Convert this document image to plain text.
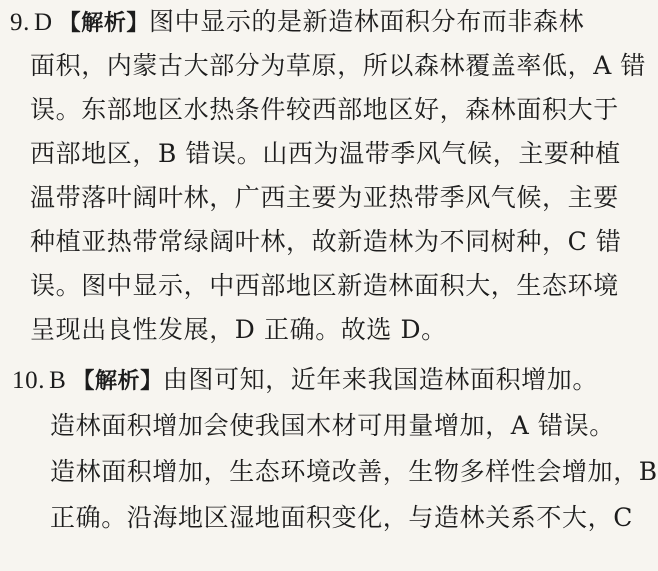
9. D 【解析】图中显示的是新造林面积分布而非森林
面积，内蒙古大部分为草原，所以森林覆盖率低，A 错
误。东部地区水热条件较西部地区好，森林面积大于
西部地区，B 错误。山西为温带季风气候，主要种植
温带落叶阔叶林，广西主要为亚热带季风气候，主要
种植亚热带常绿阔叶林，故新造林为不同树种，C 错
误。图中显示，中西部地区新造林面积大，生态环境
呈现出良性发展，D 正确。故选 D。
10. B 【解析】由图可知，近年来我国造林面积增加。
造林面积增加会使我国木材可用量增加，A 错误。
造林面积增加，生态环境改善，生物多样性会增加，B
正确。沿海地区湿地面积变化，与造林关系不大，C
